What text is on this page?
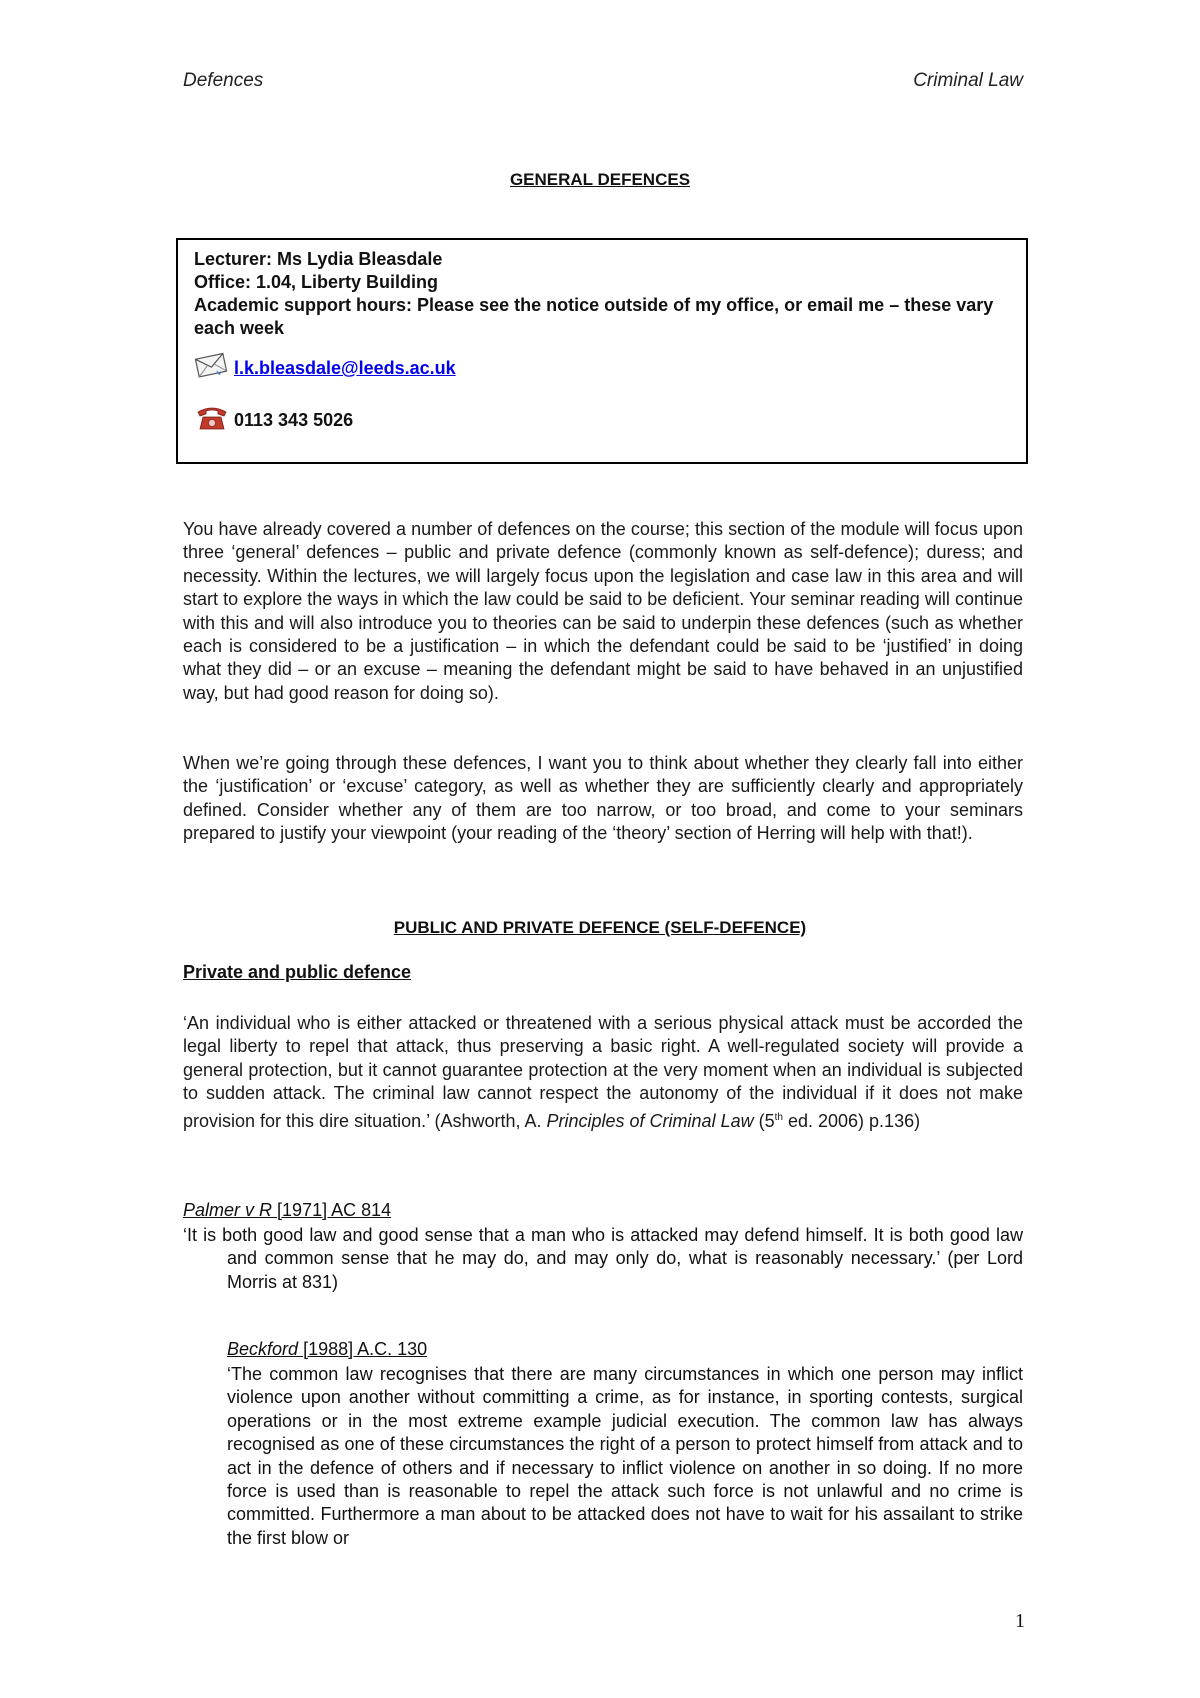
Defences	Criminal Law
GENERAL DEFENCES
Lecturer: Ms Lydia Bleasdale
Office: 1.04, Liberty Building
Academic support hours: Please see the notice outside of my office, or email me – these vary each week
l.k.bleasdale@leeds.ac.uk
0113 343 5026
You have already covered a number of defences on the course; this section of the module will focus upon three ‘general’ defences – public and private defence (commonly known as self-defence); duress; and necessity. Within the lectures, we will largely focus upon the legislation and case law in this area and will start to explore the ways in which the law could be said to be deficient. Your seminar reading will continue with this and will also introduce you to theories can be said to underpin these defences (such as whether each is considered to be a justification – in which the defendant could be said to be ‘justified’ in doing what they did – or an excuse – meaning the defendant might be said to have behaved in an unjustified way, but had good reason for doing so).
When we’re going through these defences, I want you to think about whether they clearly fall into either the ‘justification’ or ‘excuse’ category, as well as whether they are sufficiently clearly and appropriately defined. Consider whether any of them are too narrow, or too broad, and come to your seminars prepared to justify your viewpoint (your reading of the ‘theory’ section of Herring will help with that!).
PUBLIC AND PRIVATE DEFENCE (SELF-DEFENCE)
Private and public defence
‘An individual who is either attacked or threatened with a serious physical attack must be accorded the legal liberty to repel that attack, thus preserving a basic right. A well-regulated society will provide a general protection, but it cannot guarantee protection at the very moment when an individual is subjected to sudden attack. The criminal law cannot respect the autonomy of the individual if it does not make provision for this dire situation.’ (Ashworth, A. Principles of Criminal Law (5th ed. 2006) p.136)
Palmer v R [1971] AC 814
‘It is both good law and good sense that a man who is attacked may defend himself. It is both good law and common sense that he may do, and may only do, what is reasonably necessary.’ (per Lord Morris at 831)
Beckford [1988] A.C. 130
‘The common law recognises that there are many circumstances in which one person may inflict violence upon another without committing a crime, as for instance, in sporting contests, surgical operations or in the most extreme example judicial execution. The common law has always recognised as one of these circumstances the right of a person to protect himself from attack and to act in the defence of others and if necessary to inflict violence on another in so doing. If no more force is used than is reasonable to repel the attack such force is not unlawful and no crime is committed. Furthermore a man about to be attacked does not have to wait for his assailant to strike the first blow or
1
